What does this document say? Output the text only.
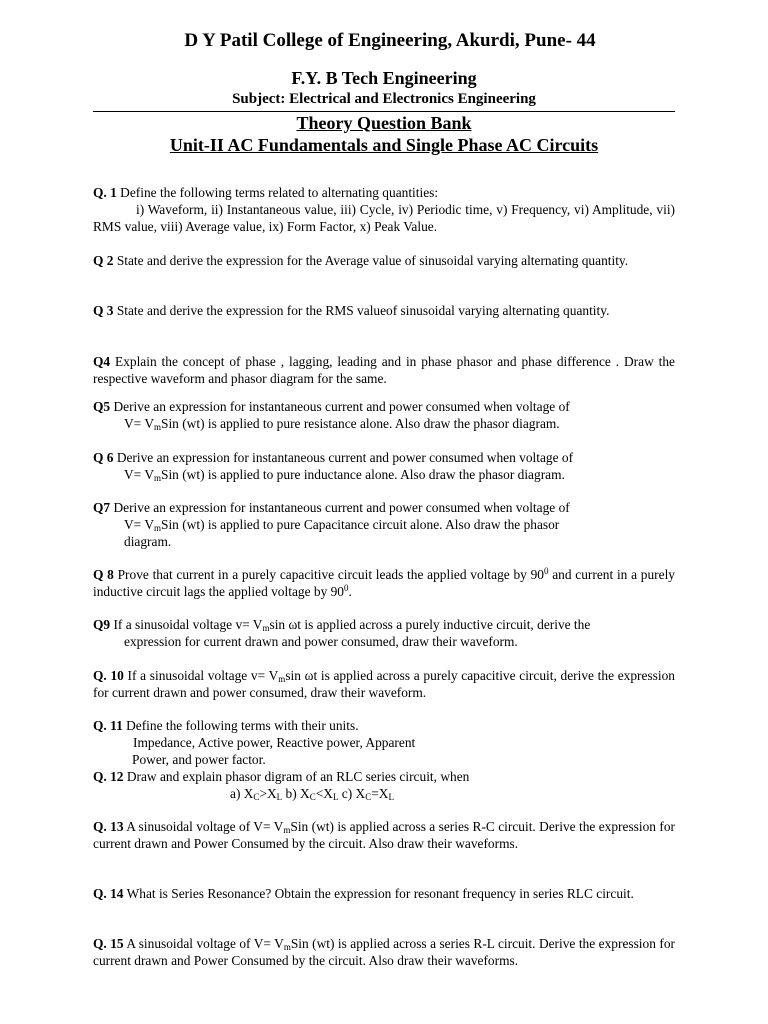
D Y Patil College of Engineering, Akurdi, Pune- 44
F.Y. B Tech Engineering
Subject: Electrical and Electronics Engineering
Theory Question Bank
Unit-II AC Fundamentals and Single Phase AC Circuits
Q. 1 Define the following terms related to alternating quantities:
i) Waveform, ii) Instantaneous value, iii) Cycle, iv) Periodic time, v) Frequency, vi) Amplitude, vii) RMS value, viii) Average value, ix) Form Factor, x) Peak Value.
Q 2 State and derive the expression for the Average value of sinusoidal varying alternating quantity.
Q 3 State and derive the expression for the RMS valueof sinusoidal varying alternating quantity.
Q4 Explain the concept of phase , lagging, leading and in phase phasor and phase difference . Draw the respective waveform and phasor diagram for the same.
Q5 Derive an expression for instantaneous current and power consumed when voltage of
$V= V_mSin$ (wt) is applied to pure resistance alone. Also draw the phasor diagram.
Q 6 Derive an expression for instantaneous current and power consumed when voltage of
$V= V_mSin$ (wt) is applied to pure inductance alone. Also draw the phasor diagram.
Q7 Derive an expression for instantaneous current and power consumed when voltage of
$V= V_mSin$ (wt) is applied to pure Capacitance circuit alone. Also draw the phasor
diagram.
Q 8 Prove that current in a purely capacitive circuit leads the applied voltage by $90^0$ and current in a purely inductive circuit lags the applied voltage by $90^0$.
Q9 If a sinusoidal voltage $v= V_m\sin$ ωt is applied across a purely inductive circuit, derive the
expression for current drawn and power consumed, draw their waveform.
Q. 10 If a sinusoidal voltage $v= V_m\sin$ ωt is applied across a purely capacitive circuit, derive the expression for current drawn and power consumed, draw their waveform.
Q. 11 Define the following terms with their units.
Impedance, Active power, Reactive power, Apparent
Power, and power factor.
Q. 12 Draw and explain phasor digram of an RLC series circuit, when
a) $X_C>X_L$ b) $X_C<X_L$ c) $X_C=X_L$
Q. 13 A sinusoidal voltage of $V= V_mSin$ (wt) is applied across a series R-C circuit. Derive the expression for current drawn and Power Consumed by the circuit. Also draw their waveforms.
Q. 14 What is Series Resonance? Obtain the expression for resonant frequency in series RLC circuit.
Q. 15 A sinusoidal voltage of $V= V_mSin$ (wt) is applied across a series R-L circuit. Derive the expression for current drawn and Power Consumed by the circuit. Also draw their waveforms.
